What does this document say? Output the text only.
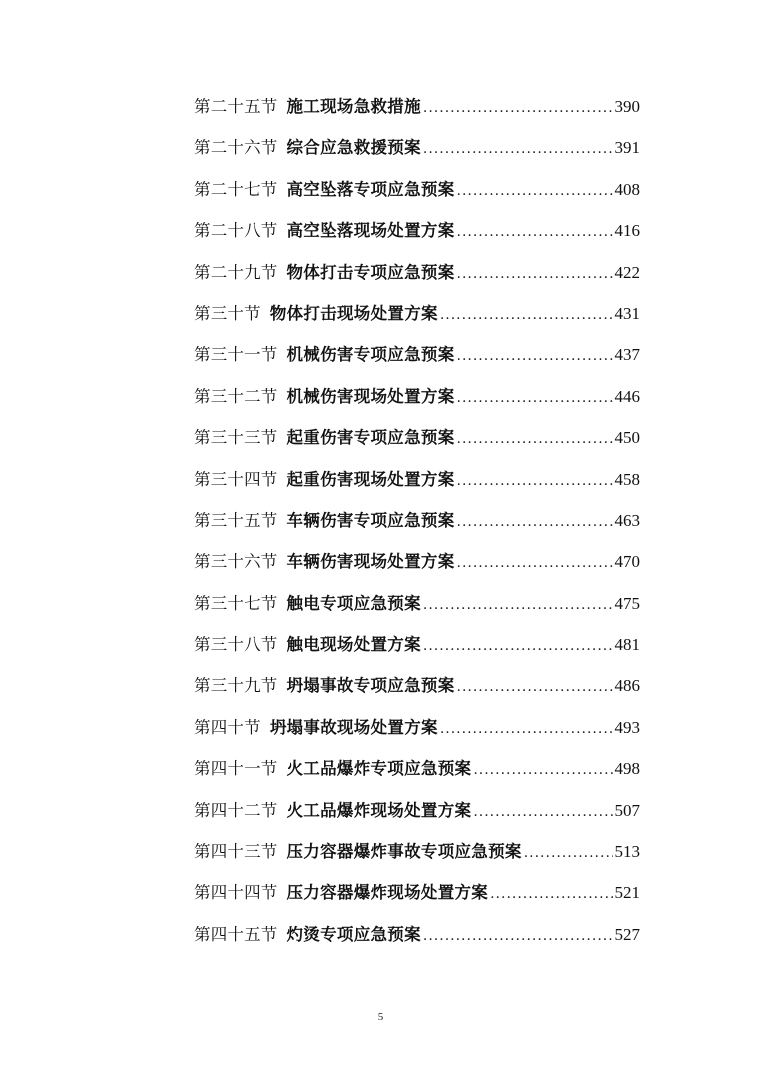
第二十五节 施工现场急救措施 .....	390
第二十六节 综合应急救援预案 .....	391
第二十七节 高空坠落专项应急预案 .....	408
第二十八节 高空坠落现场处置方案 .....	416
第二十九节 物体打击专项应急预案 .....	422
第三十节 物体打击现场处置方案 .....	431
第三十一节 机械伤害专项应急预案 .....	437
第三十二节 机械伤害现场处置方案 .....	446
第三十三节 起重伤害专项应急预案 .....	450
第三十四节 起重伤害现场处置方案 .....	458
第三十五节 车辆伤害专项应急预案 .....	463
第三十六节 车辆伤害现场处置方案 .....	470
第三十七节 触电专项应急预案 .....	475
第三十八节 触电现场处置方案 .....	481
第三十九节 坍塌事故专项应急预案 .....	486
第四十节 坍塌事故现场处置方案 .....	493
第四十一节 火工品爆炸专项应急预案 .....	498
第四十二节 火工品爆炸现场处置方案 .....	507
第四十三节 压力容器爆炸事故专项应急预案 .....	513
第四十四节 压力容器爆炸现场处置方案 .....	521
第四十五节 灼烫专项应急预案 .....	527
5
